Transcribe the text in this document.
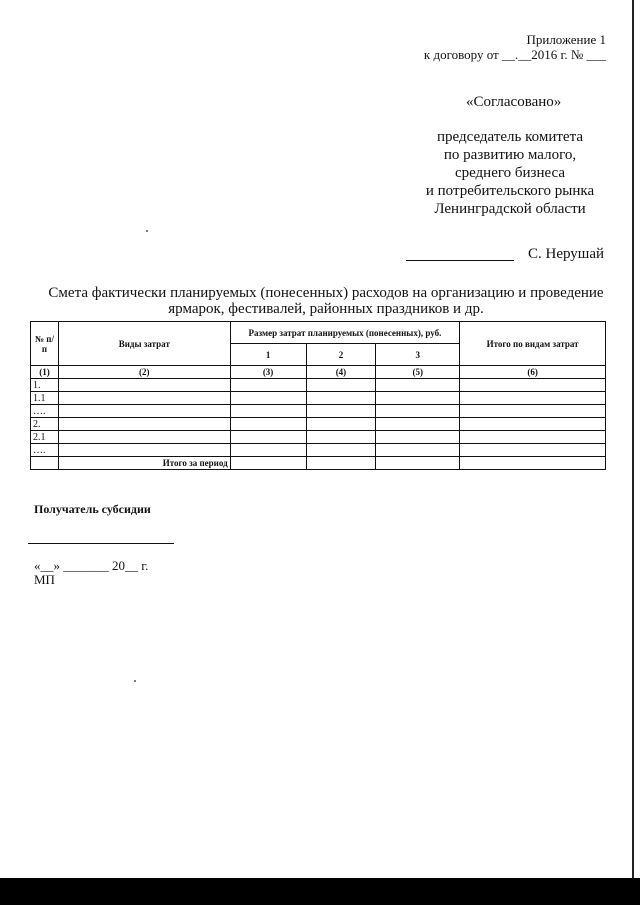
Приложение 1
к договору от __.__2016 г. № ___
«Согласовано»
председатель комитета
по развитию малого,
среднего бизнеса
и потребительского рынка
Ленинградской области
С. Нерушай
Смета фактически планируемых (понесенных) расходов на организацию и проведение ярмарок, фестивалей, районных праздников и др.
№ п/п	Виды затрат	Размер затрат планируемых (понесенных), руб.			Итого по видам затрат
		1	2	3	
(1)	(2)	(3)	(4)	(5)	(6)
1.					
1.1					
….					
2.					
2.1					
….					
	Итого за период				
Получатель субсидии
«__» _______ 20__ г.
МП
